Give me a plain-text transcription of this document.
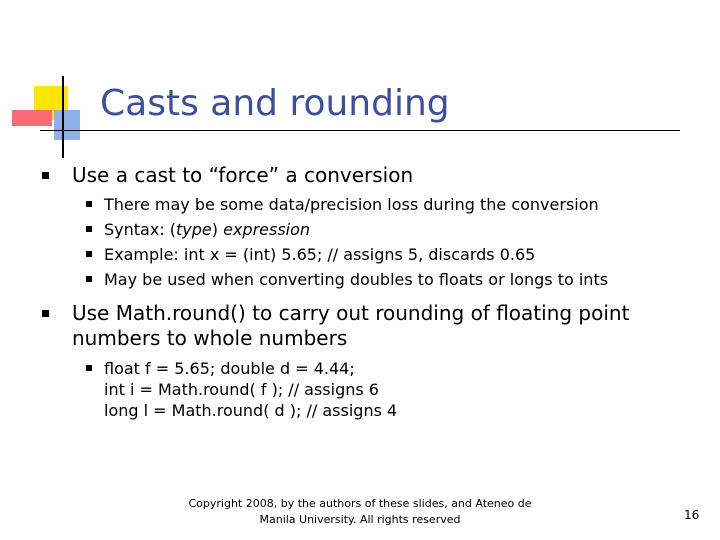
Casts and rounding
Use a cast to “force” a conversion
There may be some data/precision loss during the conversion
Syntax: (type) expression
Example: int x = (int) 5.65; // assigns 5, discards 0.65
May be used when converting doubles to floats or longs to ints
Use Math.round() to carry out rounding of floating point
numbers to whole numbers
float f = 5.65; double d = 4.44;
int i = Math.round( f ); // assigns 6
long l = Math.round( d ); // assigns 4
Copyright 2008, by the authors of these slides, and Ateneo de
Manila University. All rights reserved	16
